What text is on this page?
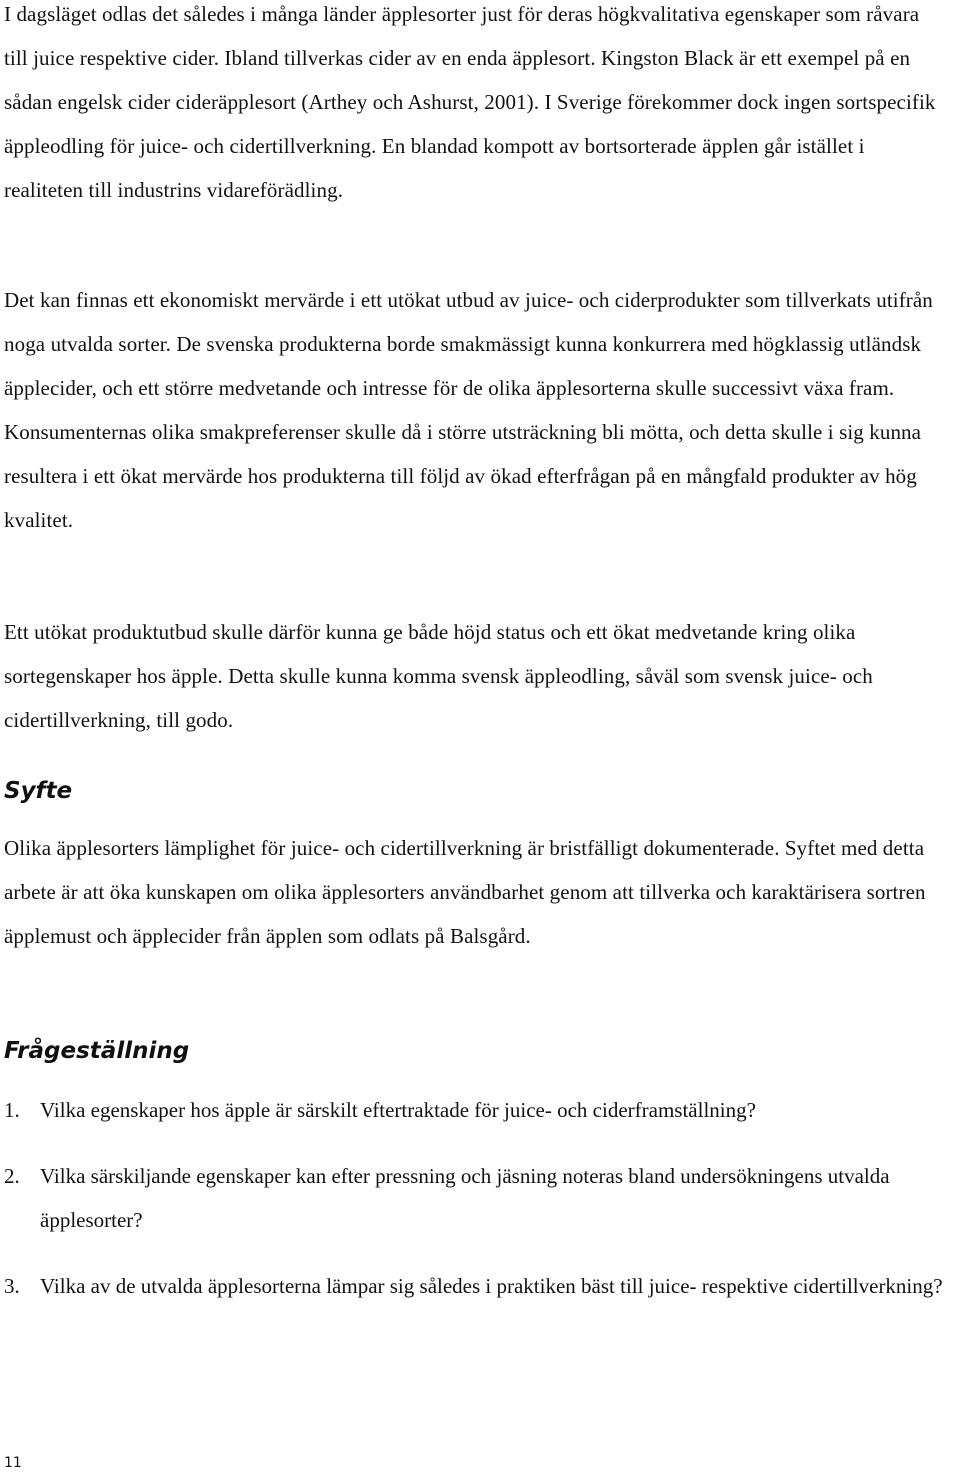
I dagsläget odlas det således i många länder äpplesorter just för deras högkvalitativa egenskaper som råvara till juice respektive cider. Ibland tillverkas cider av en enda äpplesort. Kingston Black är ett exempel på en sådan engelsk cider cideräpplesort (Arthey och Ashurst, 2001). I Sverige förekommer dock ingen sortspecifik äppleodling för juice- och cidertillverkning. En blandad kompott av bortsorterade äpplen går istället i realiteten till industrins vidareförädling.

Det kan finnas ett ekonomiskt mervärde i ett utökat utbud av juice- och ciderprodukter som tillverkats utifrån noga utvalda sorter. De svenska produkterna borde smakmässigt kunna konkurrera med högklassig utländsk äpplecider, och ett större medvetande och intresse för de olika äpplesorterna skulle successivt växa fram. Konsumenternas olika smakpreferenser skulle då i större utsträckning bli mötta, och detta skulle i sig kunna resultera i ett ökat mervärde hos produkterna till följd av ökad efterfrågan på en mångfald produkter av hög kvalitet.

Ett utökat produktutbud skulle därför kunna ge både höjd status och ett ökat medvetande kring olika sortegenskaper hos äpple. Detta skulle kunna komma svensk äppleodling, såväl som svensk juice- och cidertillverkning, till godo.

Syfte

Olika äpplesorters lämplighet för juice- och cidertillverkning är bristfälligt dokumenterade. Syftet med detta arbete är att öka kunskapen om olika äpplesorters användbarhet genom att tillverka och karaktärisera sortren äpplemust och äpplecider från äpplen som odlats på Balsgård.

Frågeställning
1. Vilka egenskaper hos äpple är särskilt eftertraktade för juice- och ciderframställning?
2. Vilka särskiljande egenskaper kan efter pressning och jäsning noteras bland undersökningens utvalda äpplesorter?
3. Vilka av de utvalda äpplesorterna lämpar sig således i praktiken bäst till juice- respektive cidertillverkning?
11
